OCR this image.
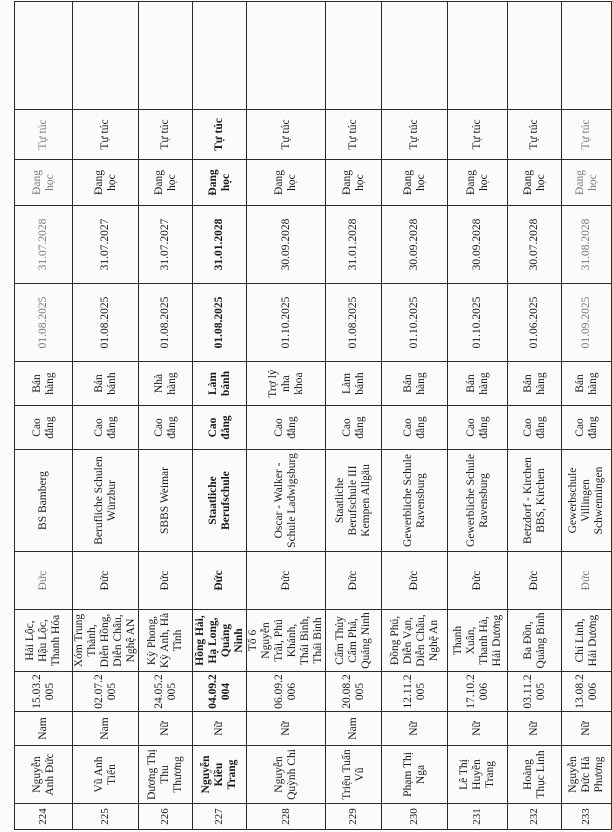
224	Nguyễn Anh Đức	Nam	15.03.2 005	Hải Lộc, Hậu Lộc, Thanh Hóa	Đức	BS Bamberg	Cao đẳng	Bán hàng	01.08.2025	31.07.2028	Đang học	Tự túc	
225	Vũ Anh Tiến	Nam	02.07.2 005	Xóm Trung Thành, Diễn Hồng, Diễn Châu, Nghệ AN	Đức	Berufliche Schulen Würzbur	Cao đẳng	Bán bánh	01.08.2025	31.07.2027	Đang học	Tự túc	
226	Dương Thị Thu Thương	Nữ	24.05.2 005	Kỳ Phong, Kỳ Anh, Hà Tĩnh	Đức	SBBS Weimar	Cao đẳng	Nhà hàng	01.08.2025	31.07.2027	Đang học	Tự túc	
227	Nguyễn Kiều Trang	Nữ	04.09.2 004	Hồng Hải, Hạ Long, Quảng Ninh	Đức	Staatliche Berufschule	Cao đẳng	Làm bánh	01.08.2025	31.01.2028	Đang học	Tự túc	
228	Nguyễn Quỳnh Chi	Nữ	06.09.2 006	Tổ 6 Nguyễn Trãi, Phú Khánh, Thái Bình, Thái Bình	Đức	Oscar - Walker - Schule Ladwigsburg	Cao đẳng	Trợ lý nha khoa	01.10.2025	30.09.2028	Đang học	Tự túc	
229	Triệu Tuấn Vũ	Nam	20.08.2 005	Cẩm Thủy Cẩm Phả, Quảng Ninh	Đức	Staatliche Berufschule III Kempen Allgäu	Cao đẳng	Làm bánh	01.08.2025	31.01.2028	Đang học	Tự túc	
230	Phạm Thị Nga	Nữ	12.11.2 005	Đồng Phú, Diễn Vạn, Diễn Châu, Nghệ An	Đức	Gewerbliche Schule Ravensburg	Cao đẳng	Bán hàng	01.10.2025	30.09.2028	Đang học	Tự túc	
231	Lê Thị Huyền Trang	Nữ	17.10.2 006	Thanh Xuân, Thanh Hà, Hải Dương	Đức	Gewerbliche Schule Ravensburg	Cao đẳng	Bán hàng	01.10.2025	30.09.2028	Đang học	Tự túc	
232	Hoàng Thục Linh	Nữ	03.11.2 005	Ba Đồn, Quảng Bình	Đức	Betzdorf - Kirchen BBS, Kirchen	Cao đẳng	Bán hàng	01.06.2025	30.07.2028	Đang học	Tự túc	
233	Nguyễn Đức Hà Phương	Nữ	13.08.2 006	Chí Linh, Hải Dương	Đức	Gewerbschule Villingen Schwenningen	Cao đẳng	Bán hàng	01.09.2025	31.08.2028	Đang học	Tự túc	
